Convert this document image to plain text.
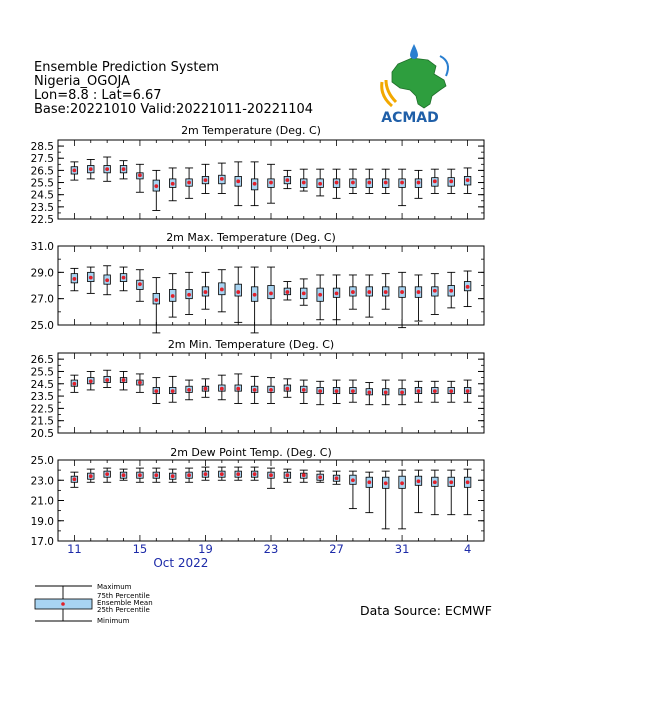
Ensemble Prediction System
Nigeria_OGOJA
Lon=8.8 : Lat=6.67
Base:20221010 Valid:20221011-20221104
Data Source: ECMWF
ACMAD
2m Temperature (Deg. C)
22.5
23.5
24.5
25.5
26.5
27.5
28.5
2m Max. Temperature (Deg. C)
25.0
27.0
29.0
31.0
2m Min. Temperature (Deg. C)
20.5
21.5
22.5
23.5
24.5
25.5
26.5
2m Dew Point Temp. (Deg. C)
17.0
19.0
21.0
23.0
25.0
11	15	19	23	27	31	4
Oct 2022
Maximum
75th Percentile
Ensemble Mean
25th Percentile
Minimum
